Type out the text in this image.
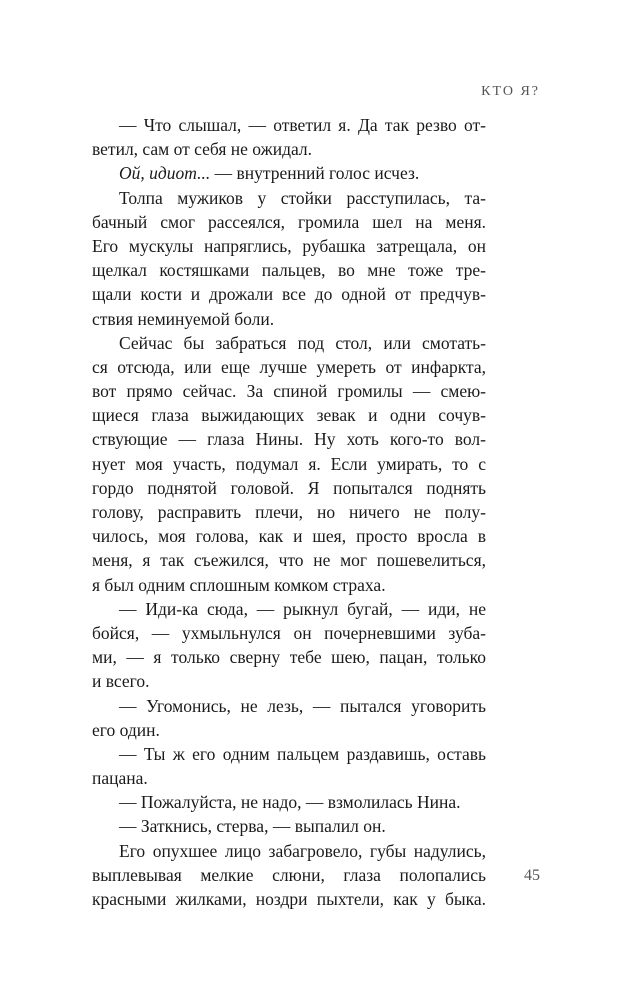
КТО Я?

— Что слышал, — ответил я. Да так резво от-
ветил, сам от себя не ожидал.
Ой, идиот... — внутренний голос исчез.
Толпа мужиков у стойки расступилась, та-
бачный смог рассеялся, громила шел на меня.
Его мускулы напряглись, рубашка затрещала, он
щелкал костяшками пальцев, во мне тоже тре-
щали кости и дрожали все до одной от предчув-
ствия неминуемой боли.
Сейчас бы забраться под стол, или смотать-
ся отсюда, или еще лучше умереть от инфаркта,
вот прямо сейчас. За спиной громилы — смею-
щиеся глаза выжидающих зевак и одни сочув-
ствующие — глаза Нины. Ну хоть кого-то вол-
нует моя участь, подумал я. Если умирать, то с
гордо поднятой головой. Я попытался поднять
голову, расправить плечи, но ничего не полу-
чилось, моя голова, как и шея, просто вросла в
меня, я так съежился, что не мог пошевелиться,
я был одним сплошным комком страха.
— Иди-ка сюда, — рыкнул бугай, — иди, не
бойся, — ухмыльнулся он почерневшими зуба-
ми, — я только сверну тебе шею, пацан, только
и всего.
— Угомонись, не лезь, — пытался уговорить
его один.
— Ты ж его одним пальцем раздавишь, оставь
пацана.
— Пожалуйста, не надо, — взмолилась Нина.
— Заткнись, стерва, — выпалил он.
Его опухшее лицо забагровело, губы надулись,
выплевывая мелкие слюни, глаза полопались
красными жилками, ноздри пыхтели, как у быка.

45
